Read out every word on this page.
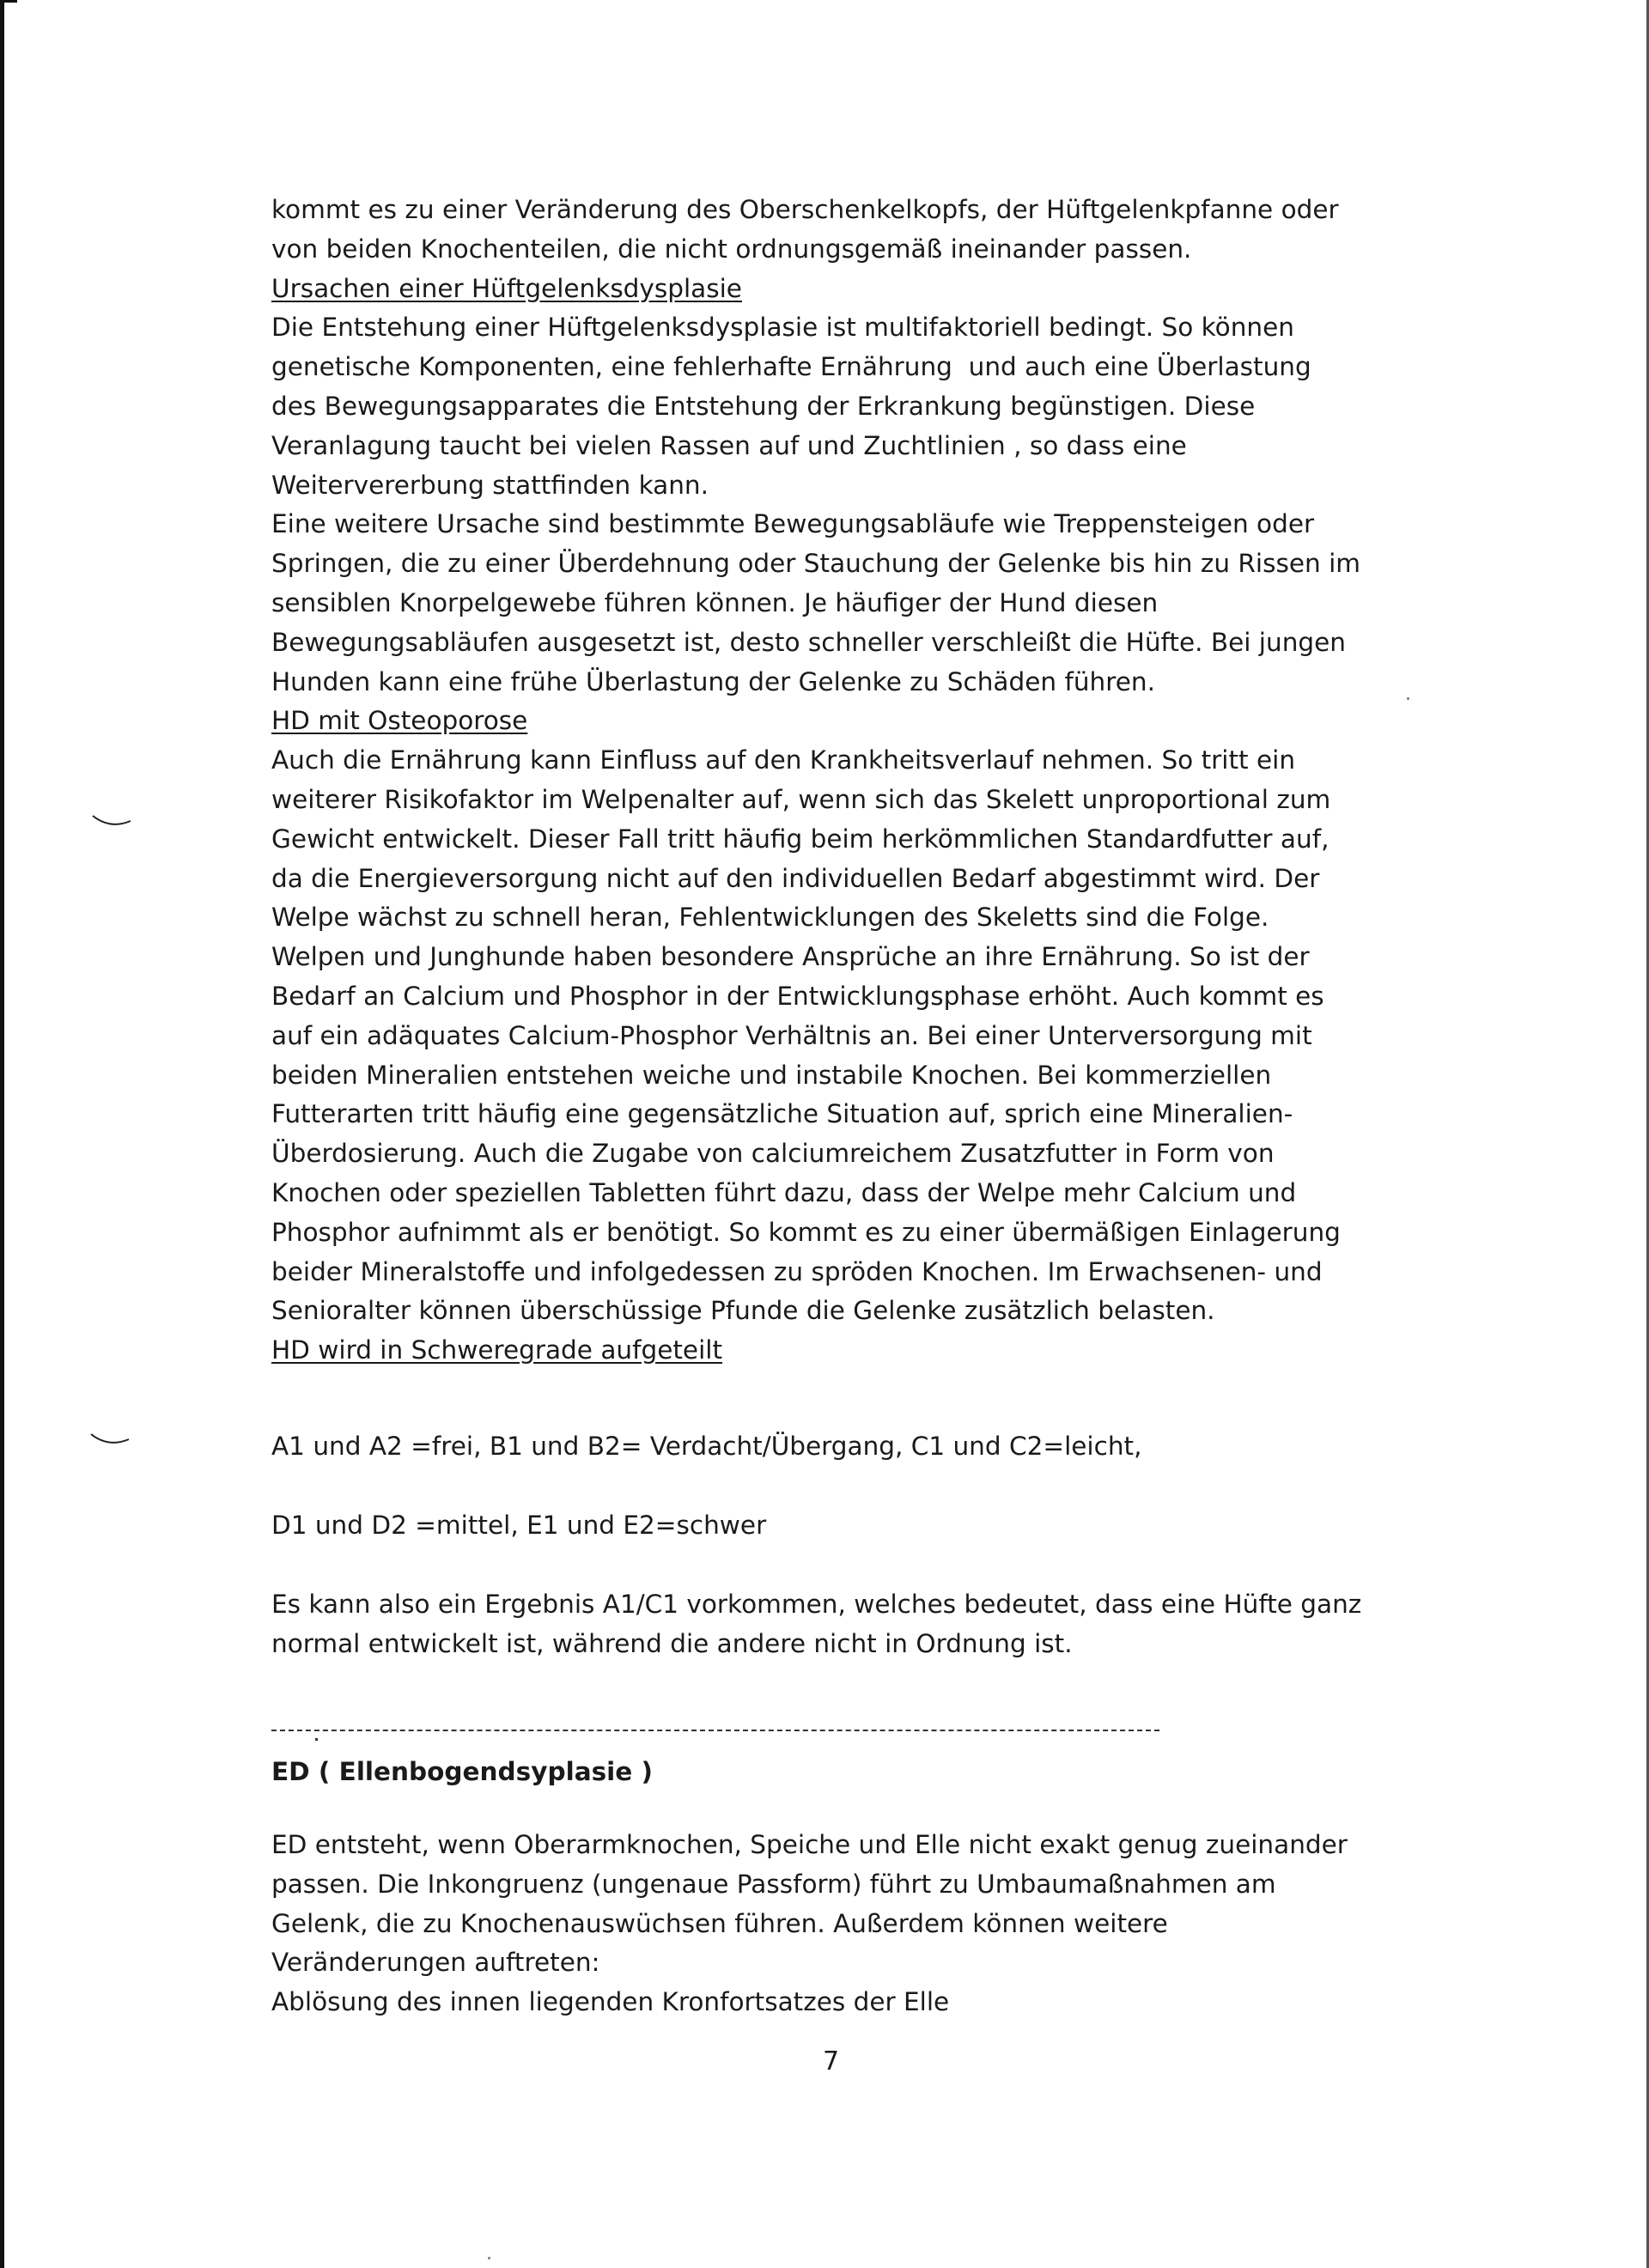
kommt es zu einer Veränderung des Oberschenkelkopfs, der Hüftgelenkpfanne oder
von beiden Knochenteilen, die nicht ordnungsgemäß ineinander passen.
Ursachen einer Hüftgelenksdysplasie
Die Entstehung einer Hüftgelenksdysplasie ist multifaktoriell bedingt. So können
genetische Komponenten, eine fehlerhafte Ernährung  und auch eine Überlastung
des Bewegungsapparates die Entstehung der Erkrankung begünstigen. Diese
Veranlagung taucht bei vielen Rassen auf und Zuchtlinien , so dass eine
Weitervererbung stattfinden kann.
Eine weitere Ursache sind bestimmte Bewegungsabläufe wie Treppensteigen oder
Springen, die zu einer Überdehnung oder Stauchung der Gelenke bis hin zu Rissen im
sensiblen Knorpelgewebe führen können. Je häufiger der Hund diesen
Bewegungsabläufen ausgesetzt ist, desto schneller verschleißt die Hüfte. Bei jungen
Hunden kann eine frühe Überlastung der Gelenke zu Schäden führen.
HD mit Osteoporose
Auch die Ernährung kann Einfluss auf den Krankheitsverlauf nehmen. So tritt ein
weiterer Risikofaktor im Welpenalter auf, wenn sich das Skelett unproportional zum
Gewicht entwickelt. Dieser Fall tritt häufig beim herkömmlichen Standardfutter auf,
da die Energieversorgung nicht auf den individuellen Bedarf abgestimmt wird. Der
Welpe wächst zu schnell heran, Fehlentwicklungen des Skeletts sind die Folge.
Welpen und Junghunde haben besondere Ansprüche an ihre Ernährung. So ist der
Bedarf an Calcium und Phosphor in der Entwicklungsphase erhöht. Auch kommt es
auf ein adäquates Calcium-Phosphor Verhältnis an. Bei einer Unterversorgung mit
beiden Mineralien entstehen weiche und instabile Knochen. Bei kommerziellen
Futterarten tritt häufig eine gegensätzliche Situation auf, sprich eine Mineralien-
Überdosierung. Auch die Zugabe von calciumreichem Zusatzfutter in Form von
Knochen oder speziellen Tabletten führt dazu, dass der Welpe mehr Calcium und
Phosphor aufnimmt als er benötigt. So kommt es zu einer übermäßigen Einlagerung
beider Mineralstoffe und infolgedessen zu spröden Knochen. Im Erwachsenen- und
Senioralter können überschüssige Pfunde die Gelenke zusätzlich belasten.
HD wird in Schweregrade aufgeteilt
A1 und A2 =frei, B1 und B2= Verdacht/Übergang, C1 und C2=leicht,
D1 und D2 =mittel, E1 und E2=schwer
Es kann also ein Ergebnis A1/C1 vorkommen, welches bedeutet, dass eine Hüfte ganz
normal entwickelt ist, während die andere nicht in Ordnung ist.
ED ( Ellenbogendsyplasie )
ED entsteht, wenn Oberarmknochen, Speiche und Elle nicht exakt genug zueinander
passen. Die Inkongruenz (ungenaue Passform) führt zu Umbaumaßnahmen am
Gelenk, die zu Knochenauswüchsen führen. Außerdem können weitere
Veränderungen auftreten:
Ablösung des innen liegenden Kronfortsatzes der Elle
7
